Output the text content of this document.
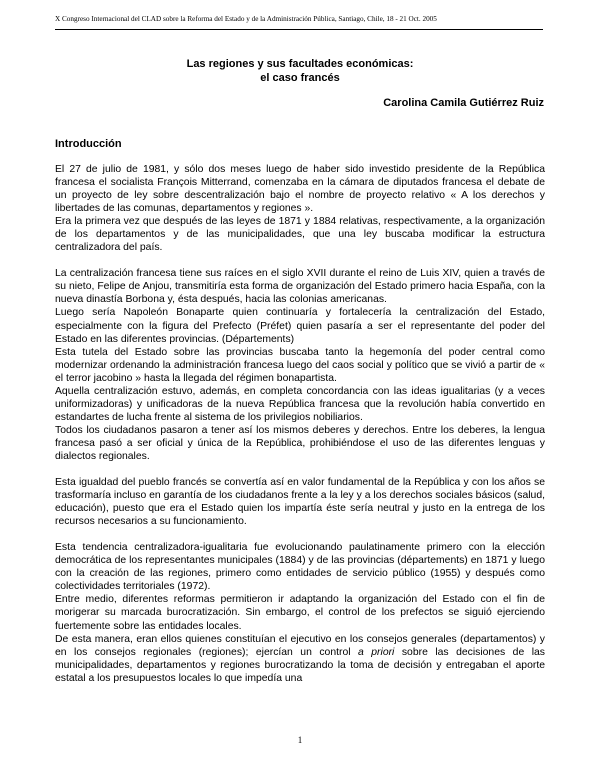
X Congreso Internacional del CLAD sobre la Reforma del Estado y de la Administración Pública, Santiago, Chile, 18 - 21 Oct. 2005
Las regiones y sus facultades económicas:
el caso francés
Carolina Camila Gutiérrez Ruiz
Introducción

El 27 de julio de 1981, y sólo dos meses luego de haber sido investido presidente de la República francesa el socialista François Mitterrand, comenzaba en la cámara de diputados francesa el debate de un proyecto de ley sobre descentralización bajo el nombre de proyecto relativo « A los derechos y libertades de las comunas, departamentos y regiones ».

Era la primera vez que después de las leyes de 1871 y 1884 relativas, respectivamente, a la organización de los departamentos y de las municipalidades, que una ley buscaba modificar la estructura centralizadora del país.

La centralización francesa tiene sus raíces en el siglo XVII durante el reino de Luis XIV, quien a través de su nieto, Felipe de Anjou, transmitiría esta forma de organización del Estado primero hacia España, con la nueva dinastía Borbona y, ésta después, hacia las colonias americanas.

Luego sería Napoleón Bonaparte quien continuaría y fortalecería la centralización del Estado, especialmente con la figura del Prefecto (Préfet) quien pasaría a ser el representante del poder del Estado en las diferentes provincias. (Départements)

Esta tutela del Estado sobre las provincias buscaba tanto la hegemonía del poder central como modernizar ordenando la administración francesa luego del caos social y político que se vivió a partir de « el terror jacobino » hasta la llegada del régimen bonapartista.

Aquella centralización estuvo, además, en completa concordancia con las ideas igualitarias (y a veces uniformizadoras) y unificadoras de la nueva República francesa que la revolución había convertido en estandartes de lucha frente al sistema de los privilegios nobiliarios.

Todos los ciudadanos pasaron a tener así los mismos deberes y derechos. Entre los deberes, la lengua francesa pasó a ser oficial y única de la República, prohibiéndose el uso de las diferentes lenguas y dialectos regionales.

Esta igualdad del pueblo francés se convertía así en valor fundamental de la República y con los años se trasformaría incluso en garantía de los ciudadanos frente a la ley y a los derechos sociales básicos (salud, educación), puesto que era el Estado quien los impartía éste sería neutral y justo en la entrega de los recursos necesarios a su funcionamiento.

Esta tendencia centralizadora-igualitaria fue evolucionando paulatinamente primero con la elección democrática de los representantes municipales (1884) y de las provincias (départements) en 1871 y luego con la creación de las regiones, primero como entidades de servicio público (1955) y después como colectividades territoriales (1972).

Entre medio, diferentes reformas permitieron ir adaptando la organización del Estado con el fin de morigerar su marcada burocratización. Sin embargo, el control de los prefectos se siguió ejerciendo fuertemente sobre las entidades locales.

De esta manera, eran ellos quienes constituían el ejecutivo en los consejos generales (departamentos) y en los consejos regionales (regiones); ejercían un control a priori sobre las decisiones de las municipalidades, departamentos y regiones burocratizando la toma de decisión y entregaban el aporte estatal a los presupuestos locales lo que impedía una

1
